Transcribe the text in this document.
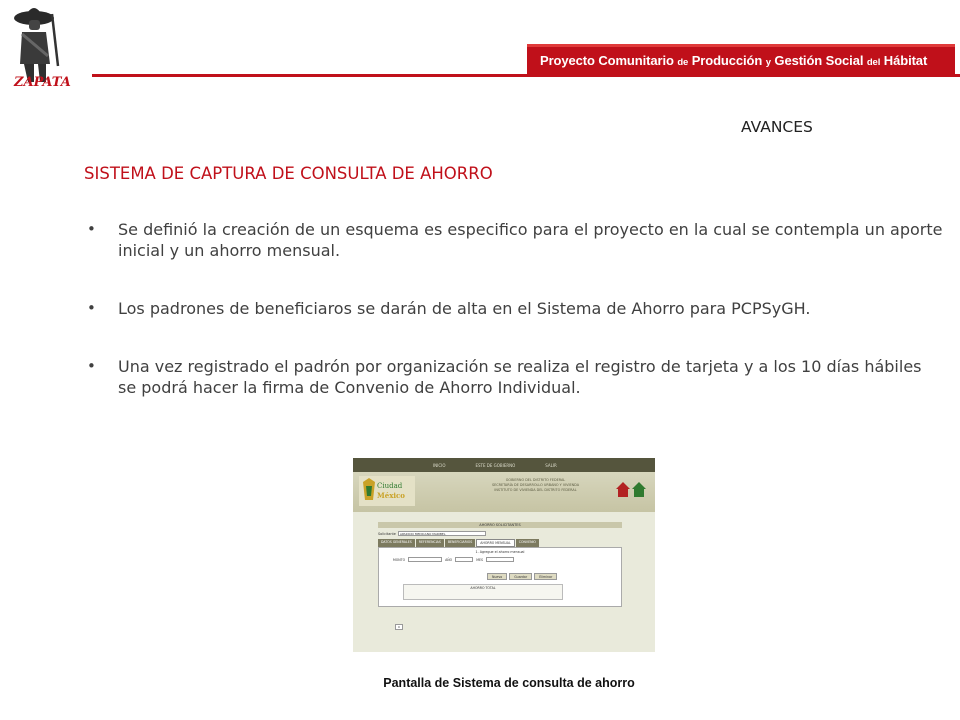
ZAPATA
Proyecto Comunitario de Producción y Gestión Social del Hábitat
AVANCES
SISTEMA DE CAPTURA DE CONSULTA DE AHORRO
• Se definió la creación de un esquema es especifico para el proyecto en la cual se contempla un aporte inicial y un ahorro mensual.
• Los padrones de beneficiaros se darán de alta en el Sistema de Ahorro para PCPSyGH.
• Una vez registrado el padrón por organización se realiza el registro de tarjeta y a los 10 días hábiles se podrá hacer la firma de Convenio de Ahorro Individual.
INICIO	ESTE DE GOBIERNO	SALIR
Ciudad
México
GOBIERNO DEL DISTRITO FEDERAL
SECRETARÍA DE DESARROLLO URBANO Y VIVIENDA
INSTITUTO DE VIVIENDA DEL DISTRITO FEDERAL
AHORRO SOLICITANTES
Solicitante	APARICIO MEDICANO MARIBEL
DATOS GENERALES	REFERENCIAS	BENEFICIARIOS	AHORRO MENSUAL	CONVENIO
1. Agregue el ahorro mensual
MONTO	AÑO	MES
Nuevo	Guardar	Eliminar
AHORRO TOTAL
0
Pantalla de Sistema de consulta de ahorro
